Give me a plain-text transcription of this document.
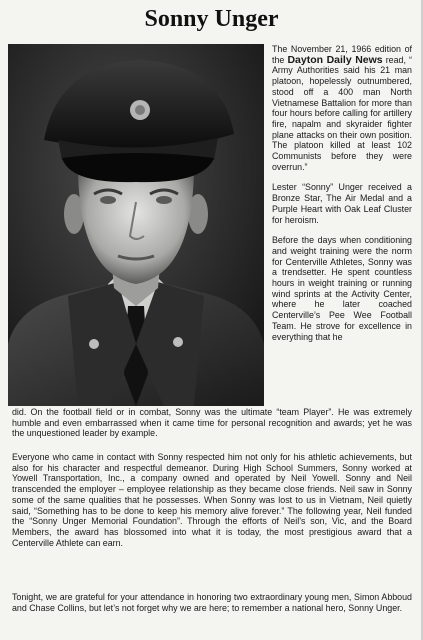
Sonny Unger

The November 21, 1966 edition of the Dayton Daily News read, “ Army Authorities said his 21 man platoon, hopelessly outnumbered, stood off a 400 man North Vietnamese Battalion for more than four hours before calling for artillery fire, napalm and skyraider fighter plane attacks on their own position. The platoon killed at least 102 Communists before they were overrun.”

Lester “Sonny” Unger received a Bronze Star, The Air Medal and a Purple Heart with Oak Leaf Cluster for heroism.

Before the days when conditioning and weight training were the norm for Centerville Athletes, Sonny was a trendsetter. He spent countless hours in weight training or running wind sprints at the Activity Center, where he later coached Centerville’s Pee Wee Football Team. He strove for excellence in everything that he

did. On the football field or in combat, Sonny was the ultimate “team Player”. He was extremely humble and even embarrassed when it came time for personal recognition and awards; yet he was the unquestioned leader by example.

Everyone who came in contact with Sonny respected him not only for his athletic achievements, but also for his character and respectful demeanor. During High School Summers, Sonny worked at Yowell Transportation, Inc., a company owned and operated by Neil Yowell. Sonny and Neil transcended the employer – employee relationship as they became close friends. Neil saw in Sonny some of the same qualities that he possesses. When Sonny was lost to us in Vietnam, Neil quietly said, “Something has to be done to keep his memory alive forever.” The following year, Neil funded the “Sonny Unger Memorial Foundation”. Through the efforts of Neil’s son, Vic, and the Board Members, the award has blossomed into what it is today, the most prestigious award that a Centerville Athlete can earn.

Tonight, we are grateful for your attendance in honoring two extraordinary young men, Simon Abboud and Chase Collins, but let’s not forget why we are here; to remember a national hero, Sonny Unger.
